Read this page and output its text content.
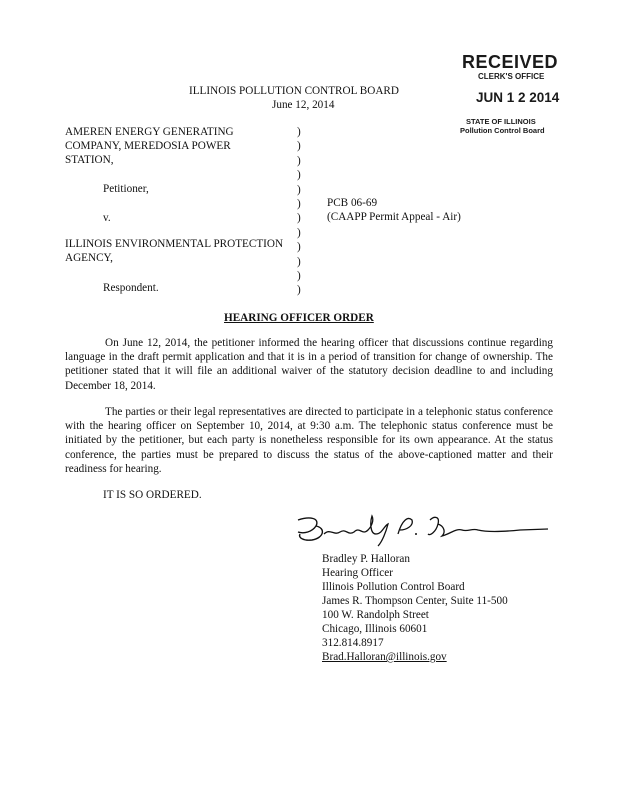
RECEIVED
CLERK'S OFFICE
JUN 1 2 2014
STATE OF ILLINOIS
Pollution Control Board
ILLINOIS POLLUTION CONTROL BOARD
June 12, 2014
AMEREN ENERGY GENERATING
COMPANY, MEREDOSIA POWER
STATION,
Petitioner,
v.
ILLINOIS ENVIRONMENTAL PROTECTION
AGENCY,
Respondent.
)
)
)
)
)
)
)
)
)
)
)
)
PCB 06-69
(CAAPP Permit Appeal - Air)
HEARING OFFICER ORDER
On June 12, 2014, the petitioner informed the hearing officer that discussions continue regarding language in the draft permit application and that it is in a period of transition for change of ownership. The petitioner stated that it will file an additional waiver of the statutory decision deadline to and including December 18, 2014.
The parties or their legal representatives are directed to participate in a telephonic status conference with the hearing officer on September 10, 2014, at 9:30 a.m. The telephonic status conference must be initiated by the petitioner, but each party is nonetheless responsible for its own appearance. At the status conference, the parties must be prepared to discuss the status of the above-captioned matter and their readiness for hearing.
IT IS SO ORDERED.
Bradley P. Halloran
Hearing Officer
Illinois Pollution Control Board
James R. Thompson Center, Suite 11-500
100 W. Randolph Street
Chicago, Illinois 60601
312.814.8917
Brad.Halloran@illinois.gov
